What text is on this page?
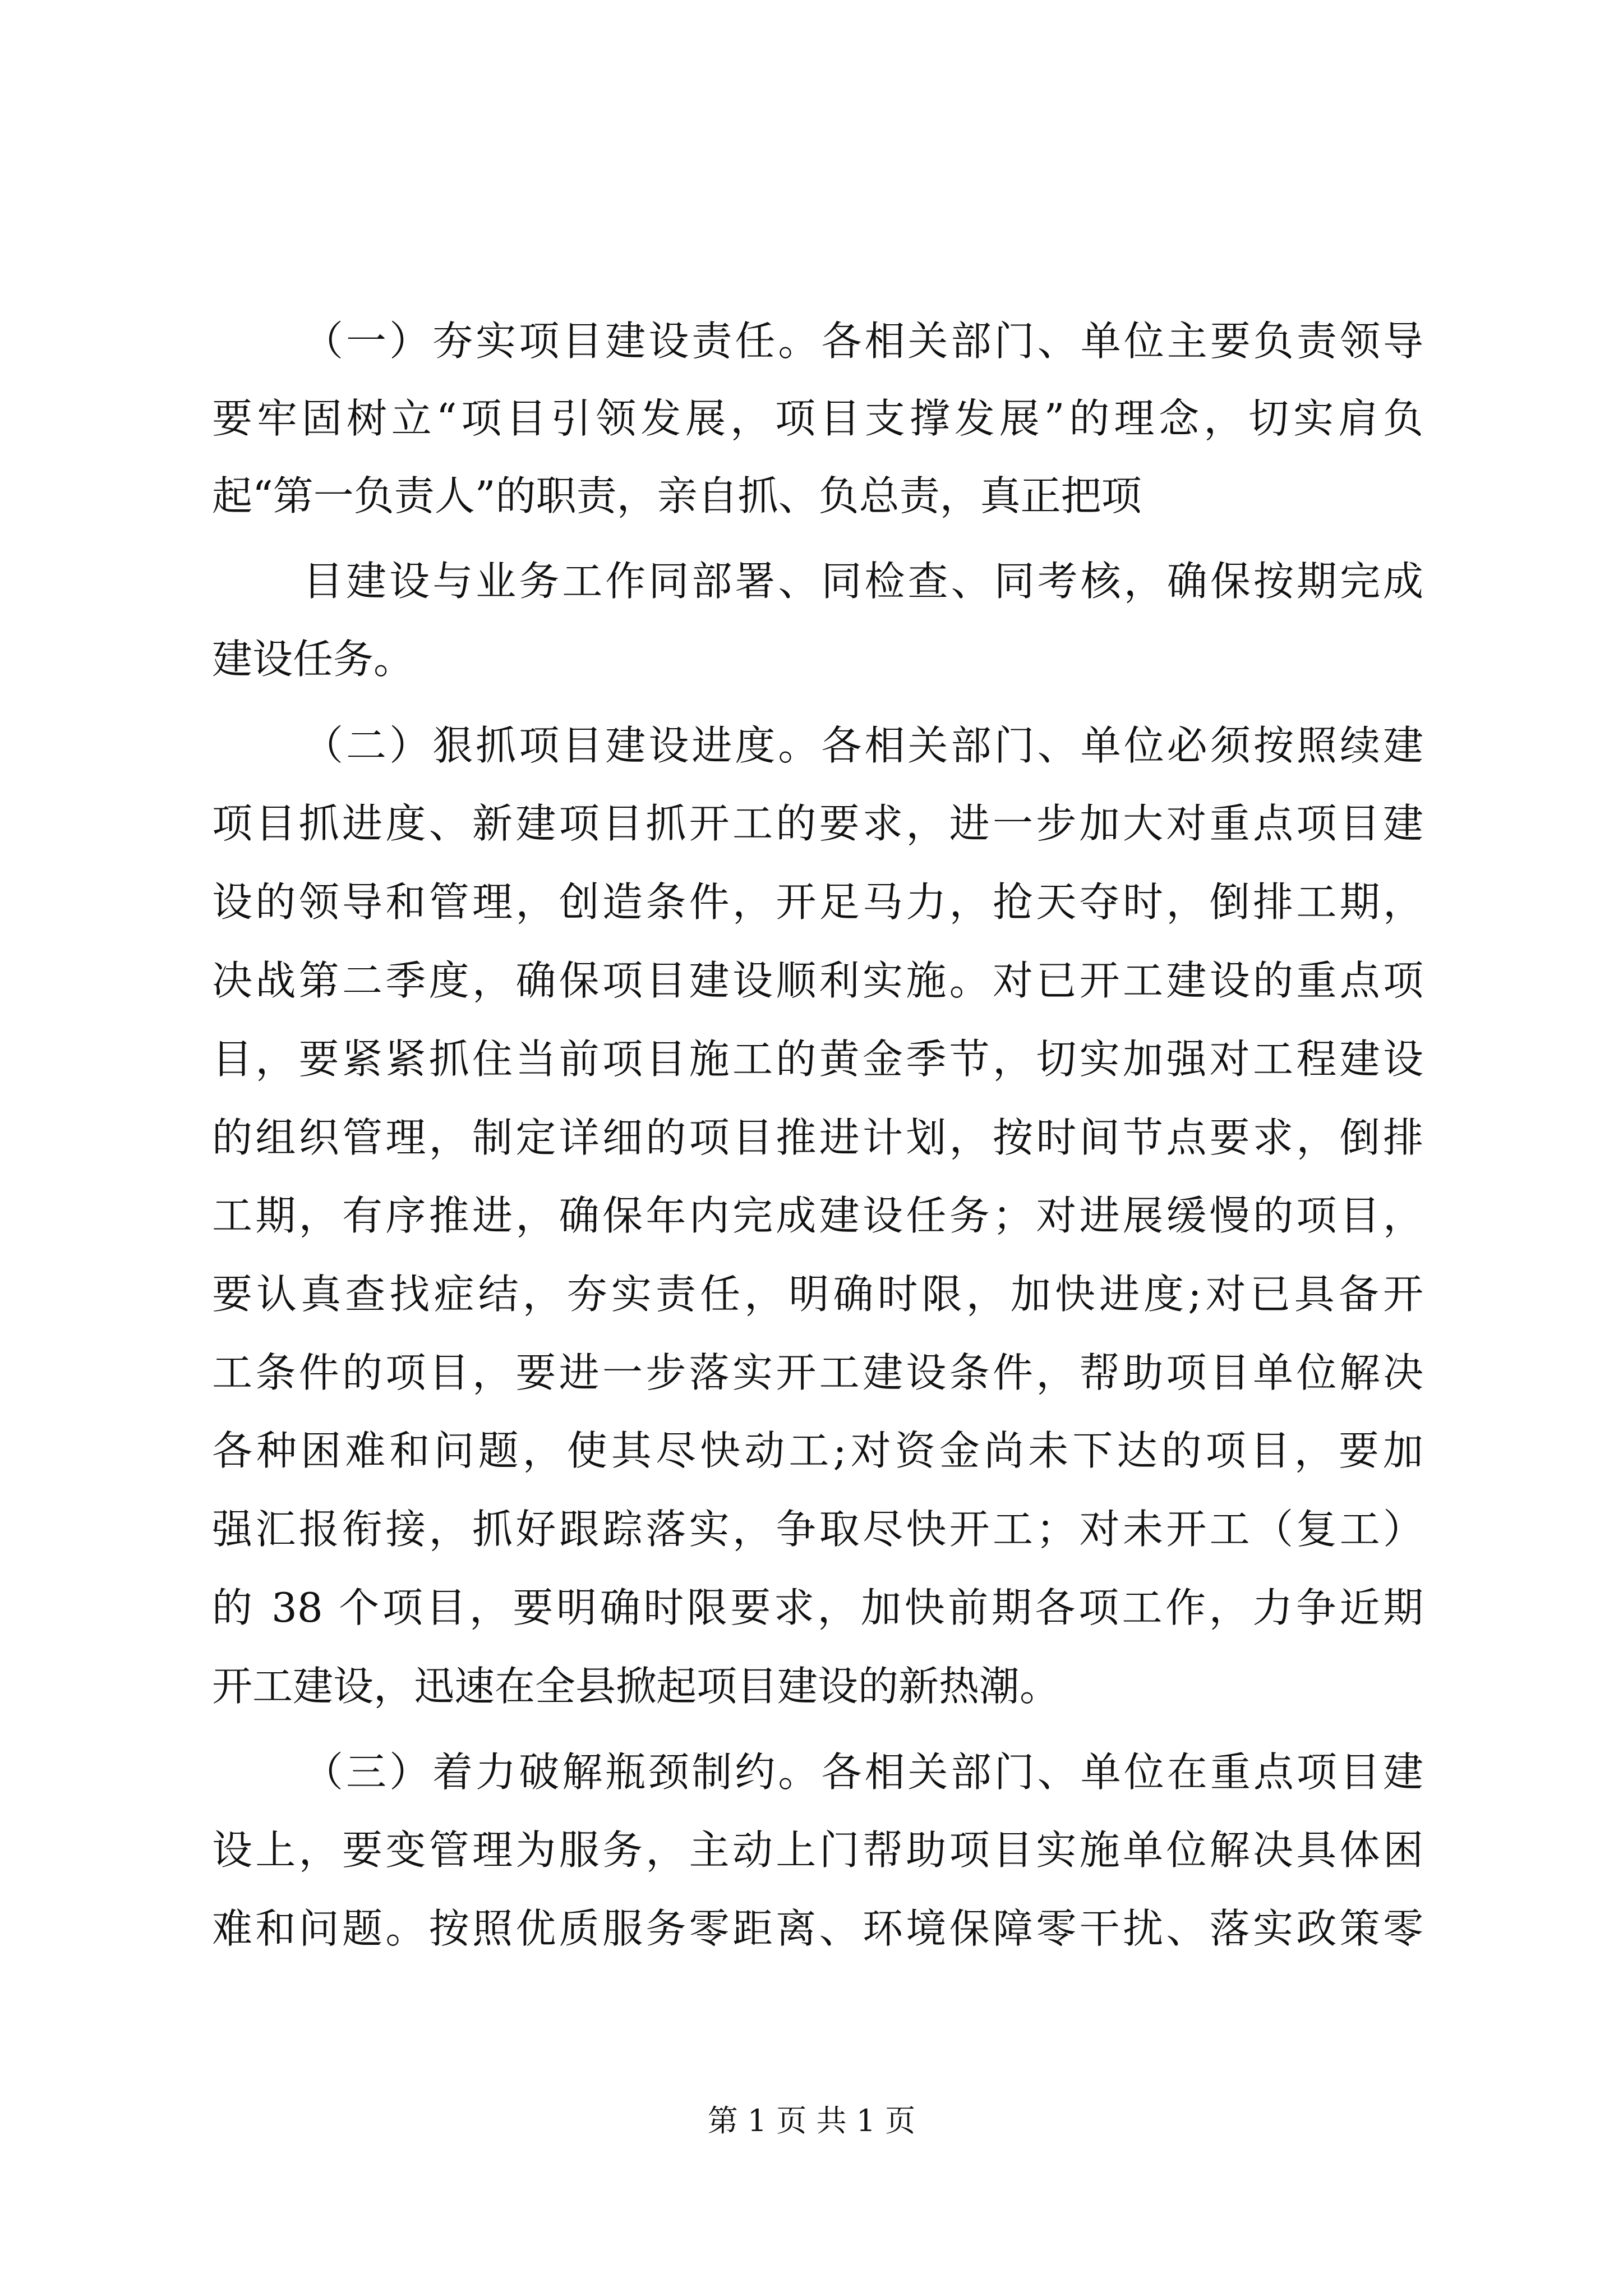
（一）夯实项目建设责任。各相关部门、单位主要负责领导
要牢固树立“项目引领发展，项目支撑发展”的理念，切实肩负
起“第一负责人”的职责，亲自抓、负总责，真正把项
目建设与业务工作同部署、同检查、同考核，确保按期完成
建设任务。
（二）狠抓项目建设进度。各相关部门、单位必须按照续建
项目抓进度、新建项目抓开工的要求，进一步加大对重点项目建
设的领导和管理，创造条件，开足马力，抢天夺时，倒排工期，
决战第二季度，确保项目建设顺利实施。对已开工建设的重点项
目，要紧紧抓住当前项目施工的黄金季节，切实加强对工程建设
的组织管理，制定详细的项目推进计划，按时间节点要求，倒排
工期，有序推进，确保年内完成建设任务；对进展缓慢的项目，
要认真查找症结，夯实责任，明确时限，加快进度;对已具备开
工条件的项目，要进一步落实开工建设条件，帮助项目单位解决
各种困难和问题，使其尽快动工;对资金尚未下达的项目，要加
强汇报衔接，抓好跟踪落实，争取尽快开工；对未开工（复工）
的 38 个项目，要明确时限要求，加快前期各项工作，力争近期
开工建设，迅速在全县掀起项目建设的新热潮。
（三）着力破解瓶颈制约。各相关部门、单位在重点项目建
设上，要变管理为服务，主动上门帮助项目实施单位解决具体困
难和问题。按照优质服务零距离、环境保障零干扰、落实政策零
第 1 页 共 1 页
